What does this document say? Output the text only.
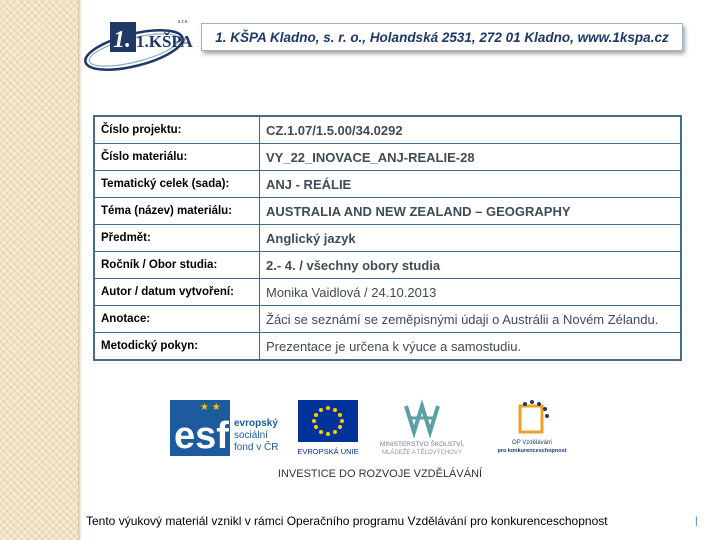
1. 1.KŠPA
s.r.o.
1. KŠPA Kladno, s. r. o., Holandská 2531, 272 01 Kladno, www.1kspa.cz
Číslo projektu:	CZ.1.07/1.5.00/34.0292
Číslo materiálu:	VY_22_INOVACE_ANJ-REALIE-28
Tematický celek (sada):	ANJ - REÁLIE
Téma (název) materiálu:	AUSTRALIA AND NEW ZEALAND – GEOGRAPHY
Předmět:	Anglický jazyk
Ročník / Obor studia:	2.- 4. / všechny obory studia
Autor / datum vytvoření:	Monika Vaidlová / 24.10.2013
Anotace:	Žáci se seznámí se zeměpisnými údaji o Austrálii a Novém Zélandu.
Metodický pokyn:	Prezentace je určena k výuce a samostudiu.
esf
★ ★
evropský
sociální
fond v ČR	EVROPSKÁ UNIE
MINISTERSTVO ŠKOLSTVÍ,
MLÁDEŽE A TĚLOVÝCHOVY
OP Vzdělávání
pro konkurenceschopnost
INVESTICE DO ROZVOJE VZDĚLÁVÁNÍ
Tento výukový materiál vznikl v rámci Operačního programu Vzdělávání pro konkurenceschopnost	|
